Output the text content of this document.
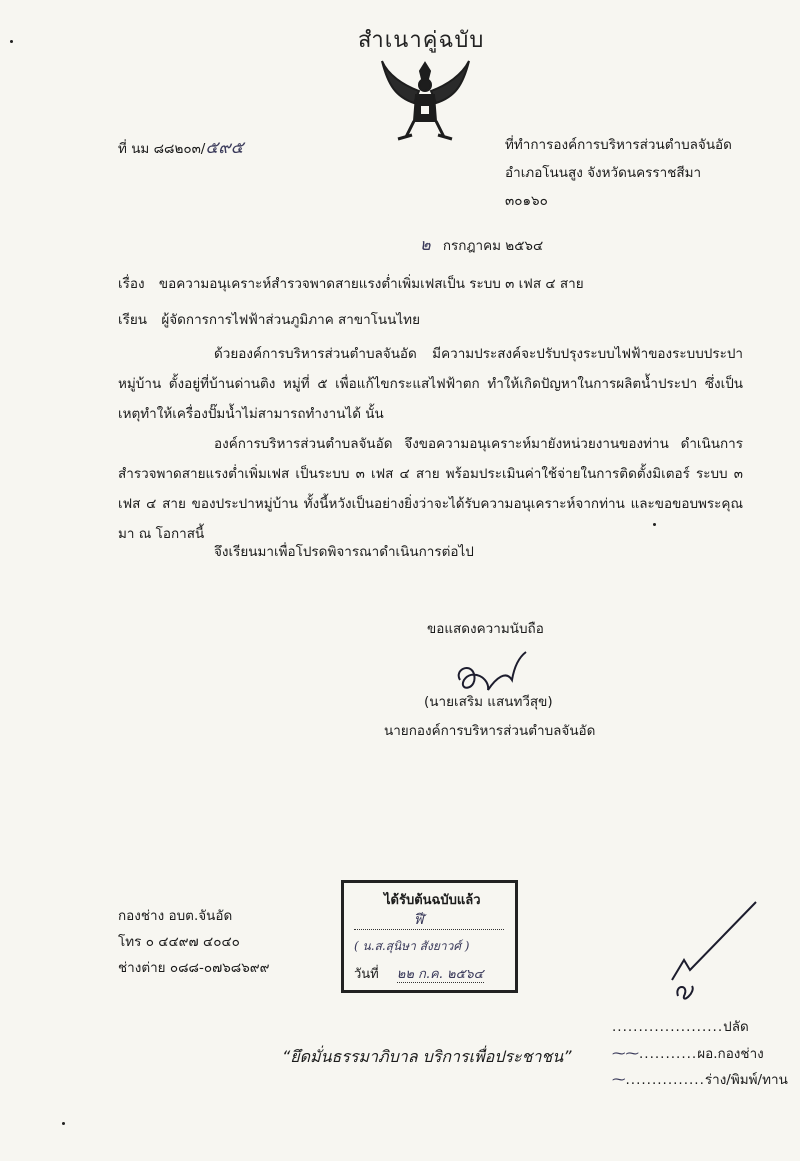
สำเนาคู่ฉบับ
ที่ นม ๘๘๒๐๓/๕๙๕	ที่ทำการองค์การบริหารส่วนตำบลจันอัด
อำเภอโนนสูง จังหวัดนครราชสีมา
๓๐๑๖๐
๒ กรกฎาคม ๒๕๖๔
เรื่อง ขอความอนุเคราะห์สำรวจพาดสายแรงต่ำเพิ่มเฟสเป็น ระบบ ๓ เฟส ๔ สาย
เรียน ผู้จัดการการไฟฟ้าส่วนภูมิภาค สาขาโนนไทย
ด้วยองค์การบริหารส่วนตำบลจันอัด มีความประสงค์จะปรับปรุงระบบไฟฟ้าของระบบประปาหมู่บ้าน ตั้งอยู่ที่บ้านด่านติง หมู่ที่ ๕ เพื่อแก้ไขกระแสไฟฟ้าตก ทำให้เกิดปัญหาในการผลิตน้ำประปา ซึ่งเป็นเหตุทำให้เครื่องปั๊มน้ำไม่สามารถทำงานได้ นั้น
องค์การบริหารส่วนตำบลจันอัด จึงขอความอนุเคราะห์มายังหน่วยงานของท่าน ดำเนินการสำรวจพาดสายแรงต่ำเพิ่มเฟส เป็นระบบ ๓ เฟส ๔ สาย พร้อมประเมินค่าใช้จ่ายในการติดตั้งมิเตอร์ ระบบ ๓ เฟส ๔ สาย ของประปาหมู่บ้าน ทั้งนี้หวังเป็นอย่างยิ่งว่าจะได้รับความอนุเคราะห์จากท่าน และขอขอบพระคุณมา ณ โอกาสนี้
จึงเรียนมาเพื่อโปรดพิจารณาดำเนินการต่อไป
ขอแสดงความนับถือ
(นายเสริม แสนทวีสุข)
นายกองค์การบริหารส่วนตำบลจันอัด
กองช่าง อบต.จันอัด
โทร ๐ ๔๔๙๗ ๔๐๔๐
ช่างต่าย ๐๘๘-๐๗๖๘๖๙๙
ได้รับต้นฉบับแล้ว
ฬี
( น.ส.สุนิษา สังยาวศ์ )
วันที่ ๒๒ ก.ค. ๒๕๖๔
“ยึดมั่นธรรมาภิบาล บริการเพื่อประชาชน”
.....................ปลัด
⁓⁓...........ผอ.กองช่าง
⁓...............ร่าง/พิมพ์/ทาน
